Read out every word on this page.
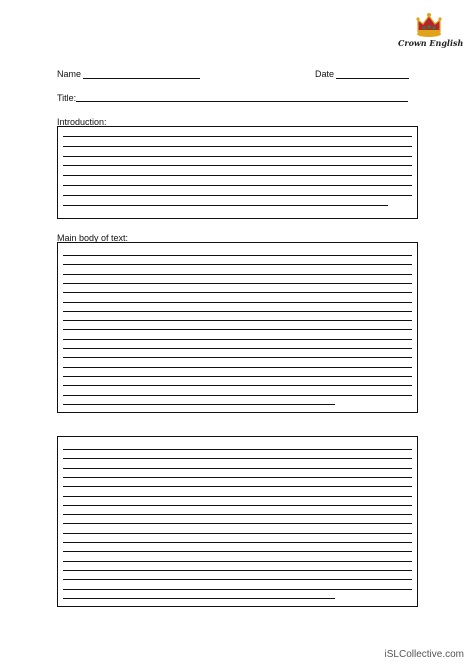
Crown English
Name	Date
Title:
Introduction:
Main body of text:
iSLCollective.com
